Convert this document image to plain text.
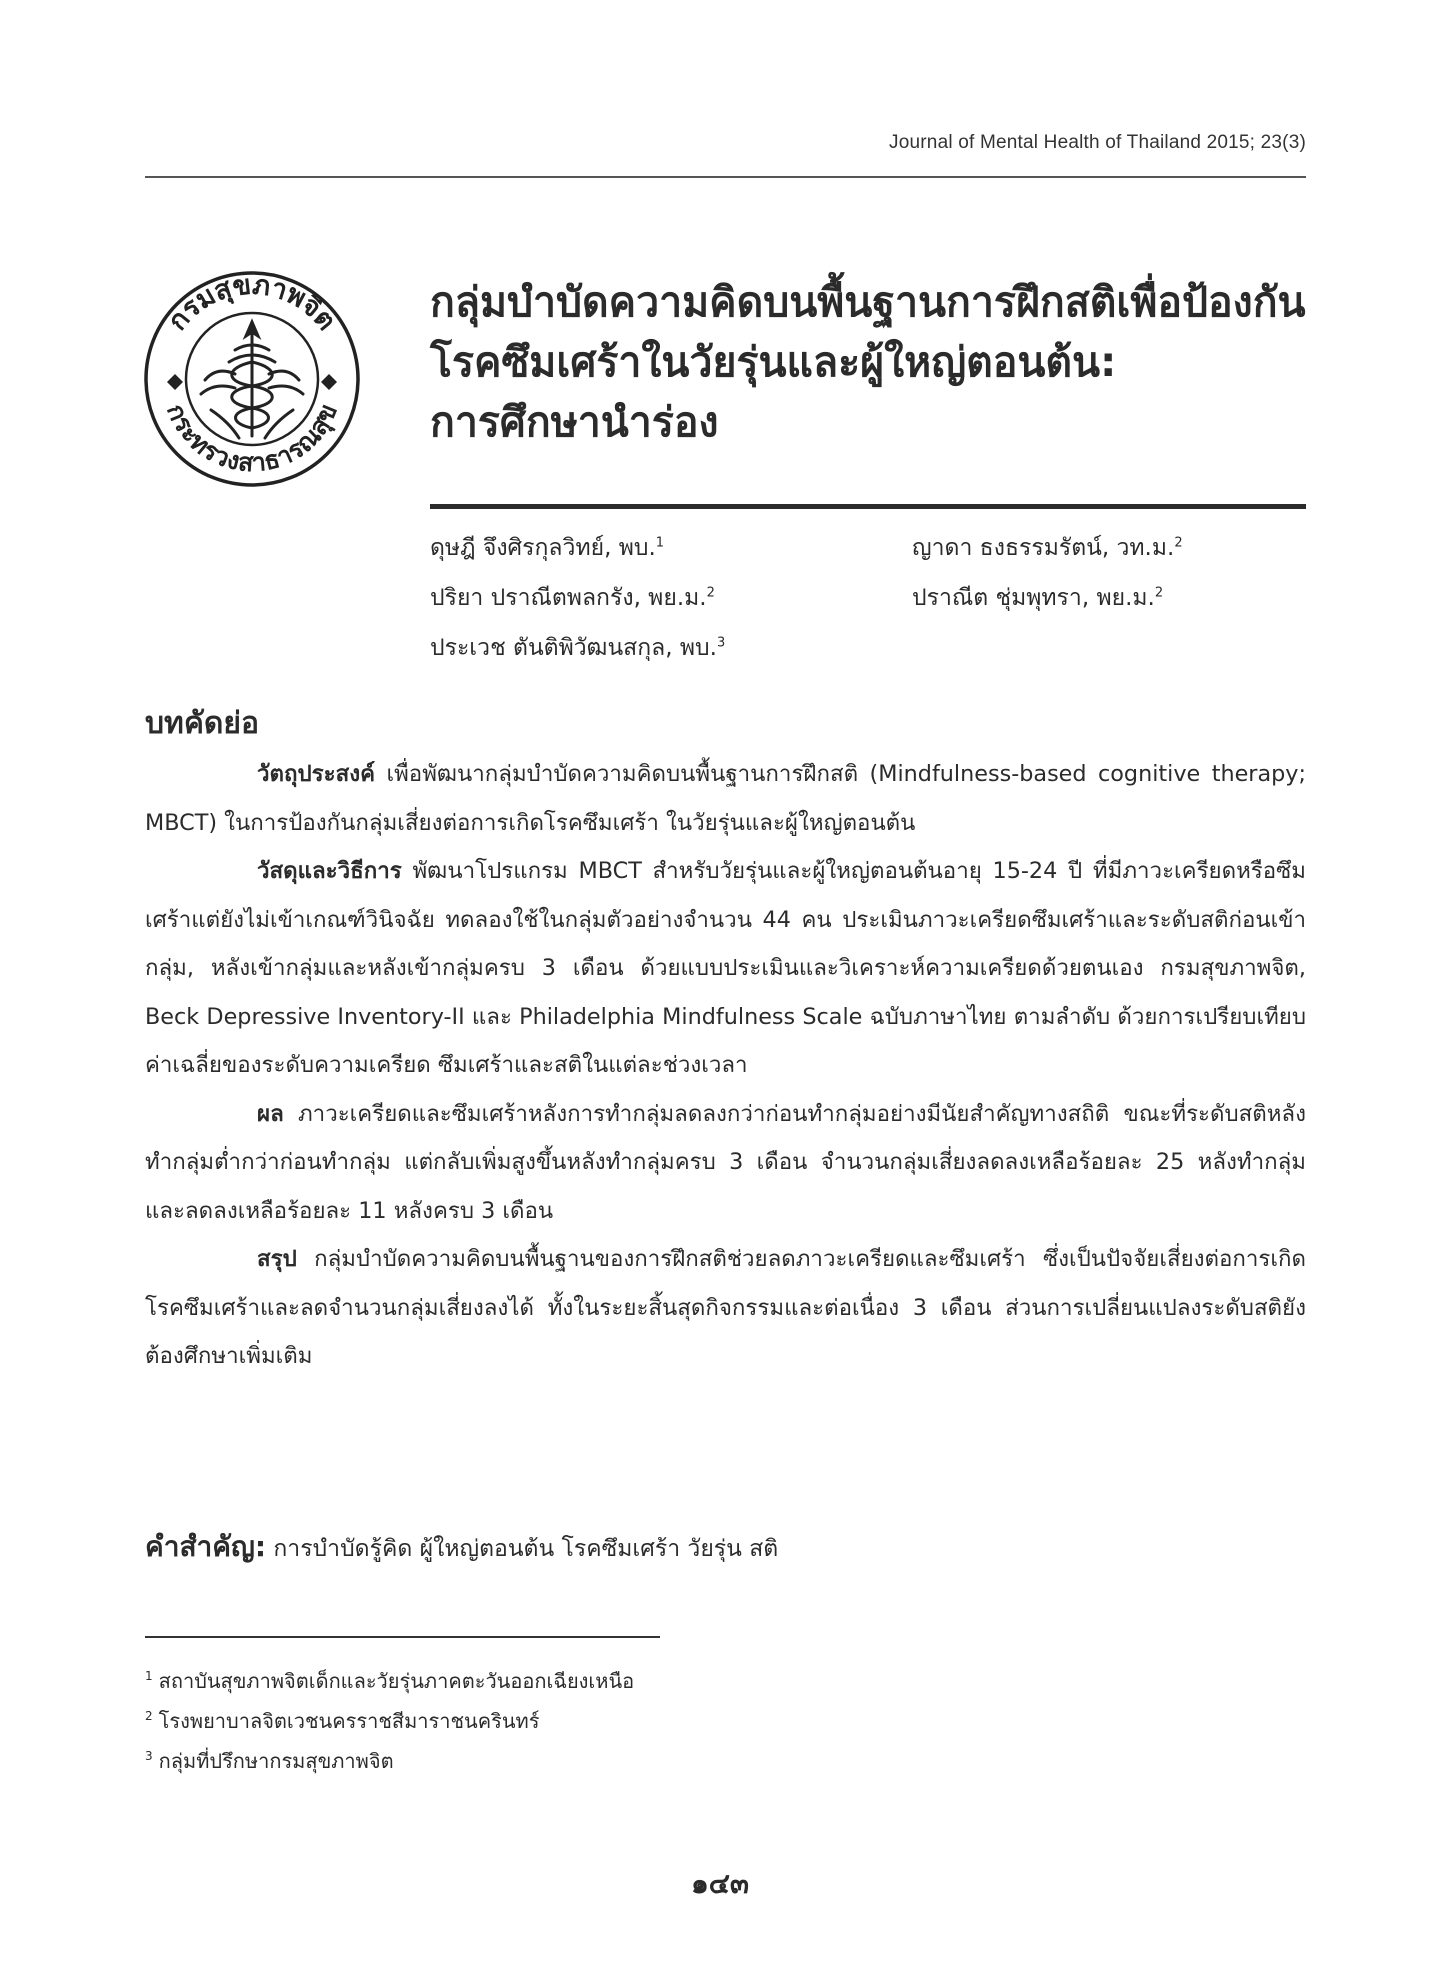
Journal of Mental Health of Thailand 2015; 23(3)
กรมสุขภาพจิต
กระทรวงสาธารณสุข
กลุ่มบำบัดความคิดบนพื้นฐานการฝึกสติเพื่อป้องกัน
โรคซึมเศร้าในวัยรุ่นและผู้ใหญ่ตอนต้น:
การศึกษานำร่อง
ดุษฎี จึงศิรกุลวิทย์, พบ.$^1$	ญาดา ธงธรรมรัตน์, วท.ม.$^2$
ปริยา ปราณีตพลกรัง, พย.ม.$^2$	ปราณีต ชุ่มพุทรา, พย.ม.$^2$
ประเวช ตันติพิวัฒนสกุล, พบ.$^3$
บทคัดย่อ

วัตถุประสงค์ เพื่อพัฒนากลุ่มบำบัดความคิดบนพื้นฐานการฝึกสติ (Mindfulness-based cognitive therapy; MBCT) ในการป้องกันกลุ่มเสี่ยงต่อการเกิดโรคซึมเศร้า ในวัยรุ่นและผู้ใหญ่ตอนต้น

วัสดุและวิธีการ พัฒนาโปรแกรม MBCT สำหรับวัยรุ่นและผู้ใหญ่ตอนต้นอายุ 15-24 ปี ที่มีภาวะเครียดหรือซึมเศร้าแต่ยังไม่เข้าเกณฑ์วินิจฉัย ทดลองใช้ในกลุ่มตัวอย่างจำนวน 44 คน ประเมินภาวะเครียดซึมเศร้าและระดับสติก่อนเข้ากลุ่ม, หลังเข้ากลุ่มและหลังเข้ากลุ่มครบ 3 เดือน ด้วยแบบประเมินและวิเคราะห์ความเครียดด้วยตนเอง กรมสุขภาพจิต, Beck Depressive Inventory-II และ Philadelphia Mindfulness Scale ฉบับภาษาไทย ตามลำดับ ด้วยการเปรียบเทียบค่าเฉลี่ยของระดับความเครียด ซึมเศร้าและสติในแต่ละช่วงเวลา

ผล ภาวะเครียดและซึมเศร้าหลังการทำกลุ่มลดลงกว่าก่อนทำกลุ่มอย่างมีนัยสำคัญทางสถิติ ขณะที่ระดับสติหลังทำกลุ่มต่ำกว่าก่อนทำกลุ่ม แต่กลับเพิ่มสูงขึ้นหลังทำกลุ่มครบ 3 เดือน จำนวนกลุ่มเสี่ยงลดลงเหลือร้อยละ 25 หลังทำกลุ่มและลดลงเหลือร้อยละ 11 หลังครบ 3 เดือน

สรุป กลุ่มบำบัดความคิดบนพื้นฐานของการฝึกสติช่วยลดภาวะเครียดและซึมเศร้า ซึ่งเป็นปัจจัยเสี่ยงต่อการเกิดโรคซึมเศร้าและลดจำนวนกลุ่มเสี่ยงลงได้ ทั้งในระยะสิ้นสุดกิจกรรมและต่อเนื่อง 3 เดือน ส่วนการเปลี่ยนแปลงระดับสติยังต้องศึกษาเพิ่มเติม

คำสำคัญ: การบำบัดรู้คิด ผู้ใหญ่ตอนต้น โรคซึมเศร้า วัยรุ่น สติ
$^1$ สถาบันสุขภาพจิตเด็กและวัยรุ่นภาคตะวันออกเฉียงเหนือ
$^2$ โรงพยาบาลจิตเวชนครราชสีมาราชนครินทร์
$^3$ กลุ่มที่ปรึกษากรมสุขภาพจิต
๑๔๓
